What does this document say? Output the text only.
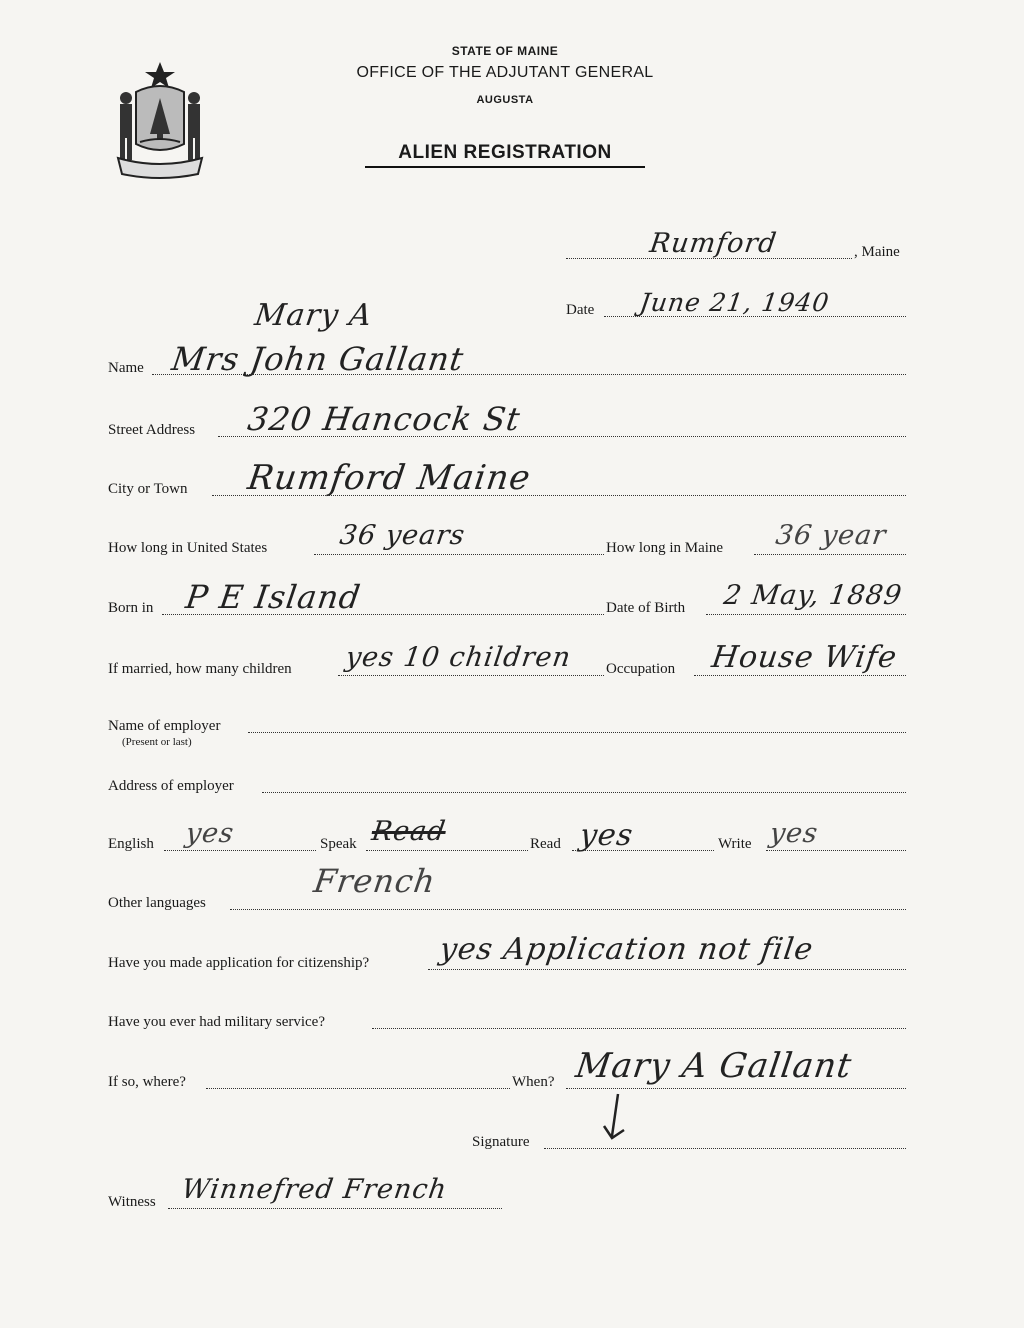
STATE OF MAINE
OFFICE OF THE ADJUTANT GENERAL
AUGUSTA
ALIEN REGISTRATION
Rumford	, Maine
Date June 21, 1940
Mary A
Name Mrs John Gallant
Street Address 320 Hancock St
City or Town Rumford Maine
How long in United States	36 years	How long in Maine 36 year
Born in P E Island	Date of Birth 2 May, 1889
If married, how many children yes 10 children Occupation House Wife
Name of employer
(Present or last)
Address of employer
English yes	Speak Read	Read yes	Write yes
Other languages
French
Have you made application for citizenship? yes Application not file
Have you ever had military service?
If so, where?	When? Mary A Gallant
Signature
Witness Winnefred French
